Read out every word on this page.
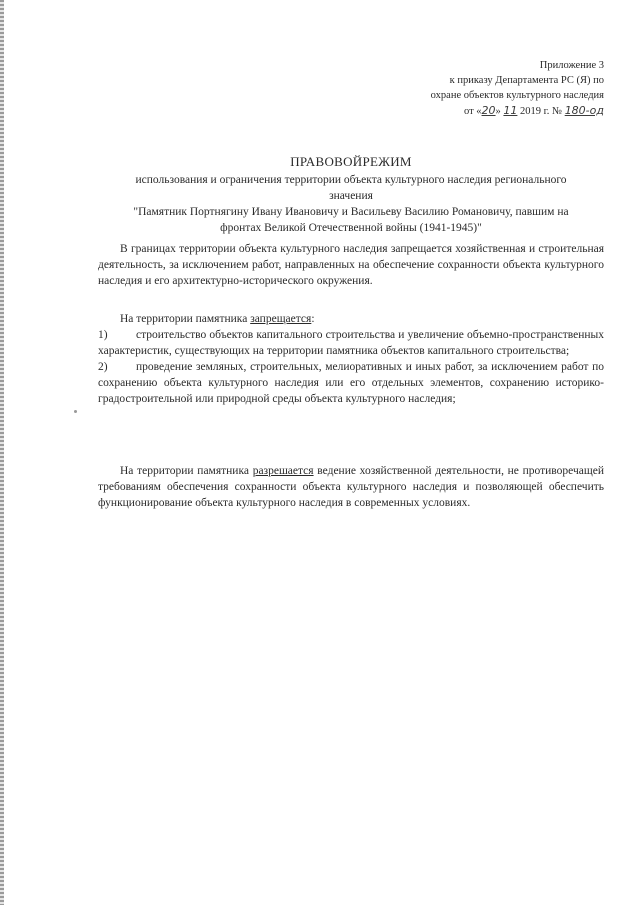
Приложение 3
к приказу Департамента РС (Я) по
охране объектов культурного наследия
от «20» 11 2019 г. № 180-од
ПРАВОВОЙРЕЖИМ
использования и ограничения территории объекта культурного наследия регионального
значения
"Памятник Портнягину Ивану Ивановичу и Васильеву Василию Романовичу, павшим на
фронтах Великой Отечественной войны (1941-1945)"

В границах территории объекта культурного наследия запрещается хозяйственная и строительная деятельность, за исключением работ, направленных на обеспечение сохранности объекта культурного наследия и его архитектурно-исторического окружения.

На территории памятника запрещается:

1) строительство объектов капитального строительства и увеличение объемно-пространственных характеристик, существующих на территории памятника объектов капитального строительства;

2) проведение земляных, строительных, мелиоративных и иных работ, за исключением работ по сохранению объекта культурного наследия или его отдельных элементов, сохранению историко-градостроительной или природной среды объекта культурного наследия;

На территории памятника разрешается ведение хозяйственной деятельности, не противоречащей требованиям обеспечения сохранности объекта культурного наследия и позволяющей обеспечить функционирование объекта культурного наследия в современных условиях.
